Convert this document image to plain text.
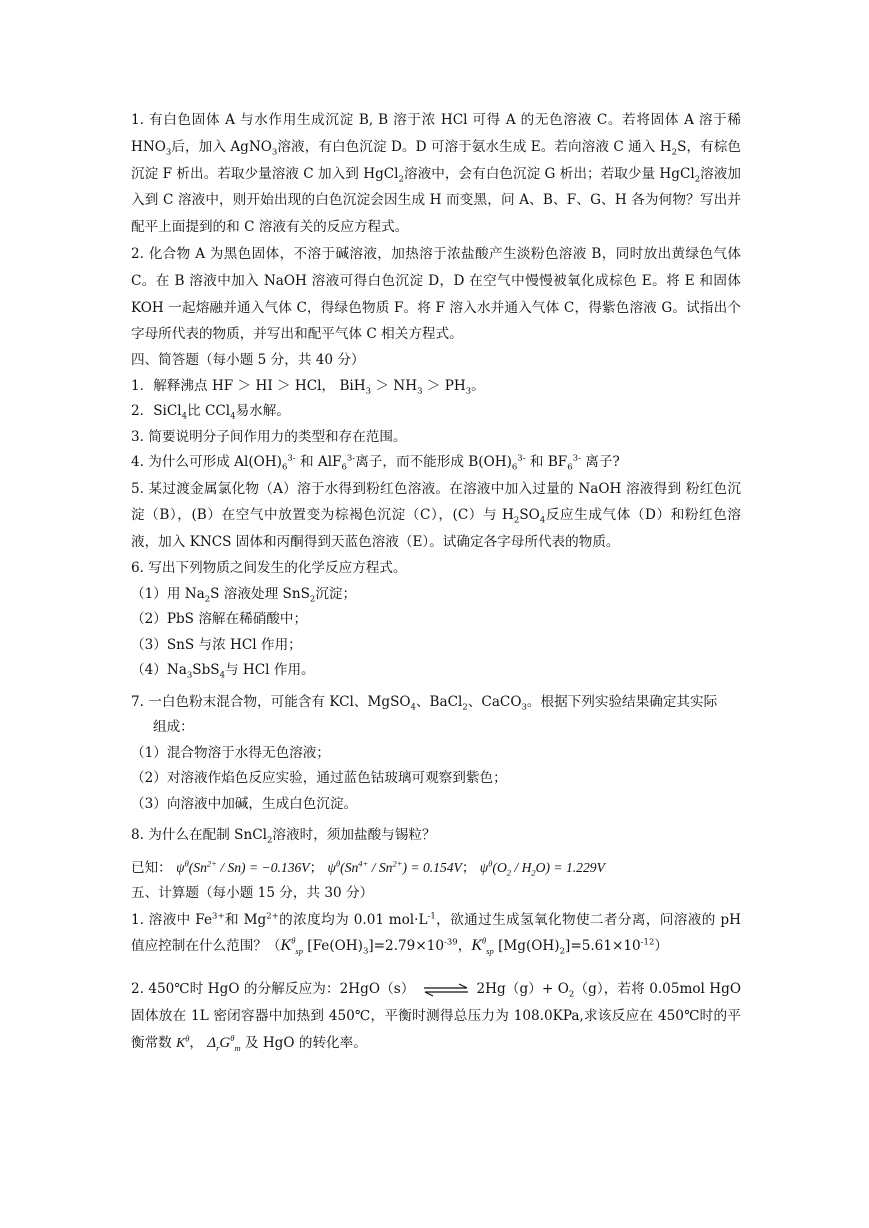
1. 有白色固体 A 与水作用生成沉淀 B, B 溶于浓 HCl 可得 A 的无色溶液 C。若将固体 A 溶于稀 $HNO_3$后，加入 AgNO$_3$溶液，有白色沉淀 D。D 可溶于氨水生成 E。若向溶液 C 通入 $H_2S$，有棕色沉淀 F 析出。若取少量溶液 C 加入到 HgCl$_2$溶液中，会有白色沉淀 G 析出；若取少量 HgCl$_2$溶液加入到 C 溶液中，则开始出现的白色沉淀会因生成 H 而变黑，问 A、B、F、G、H 各为何物？写出并配平上面提到的和 C 溶液有关的反应方程式。

2. 化合物 A 为黑色固体，不溶于碱溶液，加热溶于浓盐酸产生淡粉色溶液 B，同时放出黄绿色气体 C。在 B 溶液中加入 NaOH 溶液可得白色沉淀 D，D 在空气中慢慢被氧化成棕色 E。将 E 和固体 KOH 一起熔融并通入气体 C，得绿色物质 F。将 F 溶入水并通入气体 C，得紫色溶液 G。试指出个字母所代表的物质，并写出和配平气体 C 相关方程式。

四、简答题（每小题 5 分，共 40 分）

1．解释沸点 HF ＞ HI ＞ HCl， $BiH_3 > NH_3 > PH_3$。

2．SiCl$_4$比 CCl$_4$易水解。

3. 简要说明分子间作用力的类型和存在范围。

4. 为什么可形成 $Al(OH)_6^{3-}$ 和 AlF$_6^{3-}$离子，而不能形成 $B(OH)_6^{3-}$ 和 $BF_6^{3-}$ 离子?

5. 某过渡金属氯化物（A）溶于水得到粉红色溶液。在溶液中加入过量的 NaOH 溶液得到 粉红色沉淀（B），(B）在空气中放置变为棕褐色沉淀（C），(C）与 $H_2SO_4$反应生成气体（D）和粉红色溶液，加入 KNCS 固体和丙酮得到天蓝色溶液（E）。试确定各字母所代表的物质。

6. 写出下列物质之间发生的化学反应方程式。

（1）用 $Na_2S$ 溶液处理 SnS$_2$沉淀；

（2）PbS 溶解在稀硝酸中；

（3）SnS 与浓 HCl 作用；

$(4)Na_3SbS_4$与 HCl 作用。

7. 一白色粉末混合物，可能含有 KCl、MgSO$_4$、BaCl$_2$、CaCO$_3$。根据下列实验结果确定其实际

组成：

（1）混合物溶于水得无色溶液；

（2）对溶液作焰色反应实验，通过蓝色钴玻璃可观察到紫色；

（3）向溶液中加碱，生成白色沉淀。

8. 为什么在配制 SnCl$_2$溶液时，须加盐酸与锡粒？

已知： $\psi^\theta(Sn^{2+} / Sn) = -0.136V$； $\psi^\theta(Sn^{4+} / Sn^{2+}) = 0.154V$； $\psi^\theta(O_2 / H_2O) = 1.229V$

五、计算题（每小题 15 分，共 30 分）

1. 溶液中 $Fe^{3+}$和 $Mg^{2+}$的浓度均为 0.01 $mol\cdot L^{-1}$，欲通过生成氢氧化物使二者分离，问溶液的 pH 值应控制在什么范围？（$K^\theta_{sp}$ $[Fe(OH)_3]=2.79\times 10^{-39}$，$K^\theta_{sp}$ $[Mg(OH)_2]=5.61\times 10^{-12}$）

2. 450℃时 HgO 的分解反应为：2HgO（s） ⇌ $2Hg(g)+ O_2(g)$，若将 0.05mol HgO 固体放在 1L 密闭容器中加热到 450℃，平衡时测得总压力为 108.0KPa,求该反应在 450℃时的平衡常数 $K^\theta$， $\Delta_rG^\theta_m$ 及 HgO 的转化率。
